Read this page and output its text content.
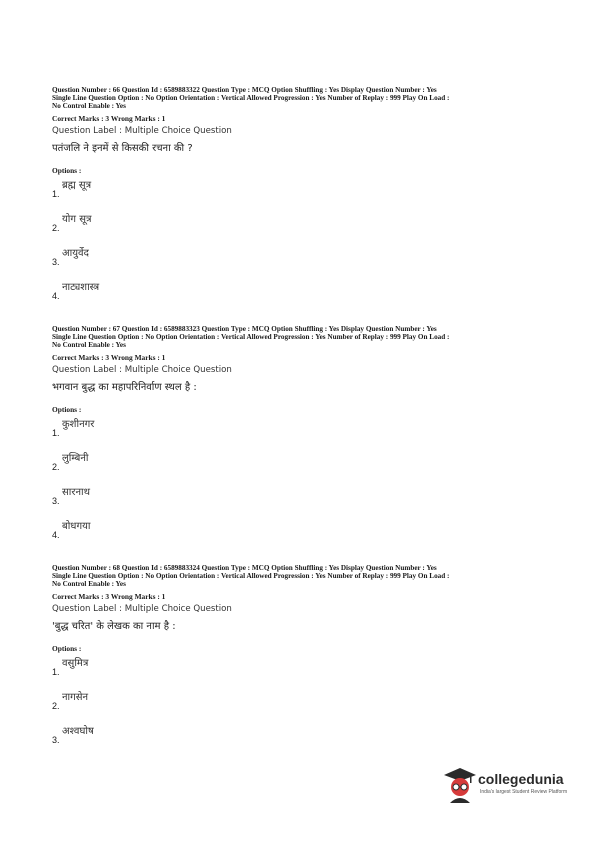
Question Number : 66 Question Id : 6589883322 Question Type : MCQ Option Shuffling : Yes Display Question Number : Yes
Single Line Question Option : No Option Orientation : Vertical Allowed Progression : Yes Number of Replay : 999 Play On Load :
No Control Enable : Yes
Correct Marks : 3 Wrong Marks : 1
Question Label : Multiple Choice Question
पतंजलि ने इनमें से किसकी रचना की ?
Options :
1.
ब्रह्म सूत्र
2.
योग सूत्र
3.
आयुर्वेद
4.
नाट्यशास्त्र
Question Number : 67 Question Id : 6589883323 Question Type : MCQ Option Shuffling : Yes Display Question Number : Yes
Single Line Question Option : No Option Orientation : Vertical Allowed Progression : Yes Number of Replay : 999 Play On Load :
No Control Enable : Yes
Correct Marks : 3 Wrong Marks : 1
Question Label : Multiple Choice Question
भगवान बुद्ध का महापरिनिर्वाण स्थल है :
Options :
1.
कुशीनगर
2.
लुम्बिनी
3.
सारनाथ
4.
बोधगया
Question Number : 68 Question Id : 6589883324 Question Type : MCQ Option Shuffling : Yes Display Question Number : Yes
Single Line Question Option : No Option Orientation : Vertical Allowed Progression : Yes Number of Replay : 999 Play On Load :
No Control Enable : Yes
Correct Marks : 3 Wrong Marks : 1
Question Label : Multiple Choice Question
'बुद्ध चरित' के लेखक का नाम है :
Options :
1.
वसुमित्र
2.
नागसेन
3.
अश्वघोष
collegedunia
India's largest Student Review Platform
